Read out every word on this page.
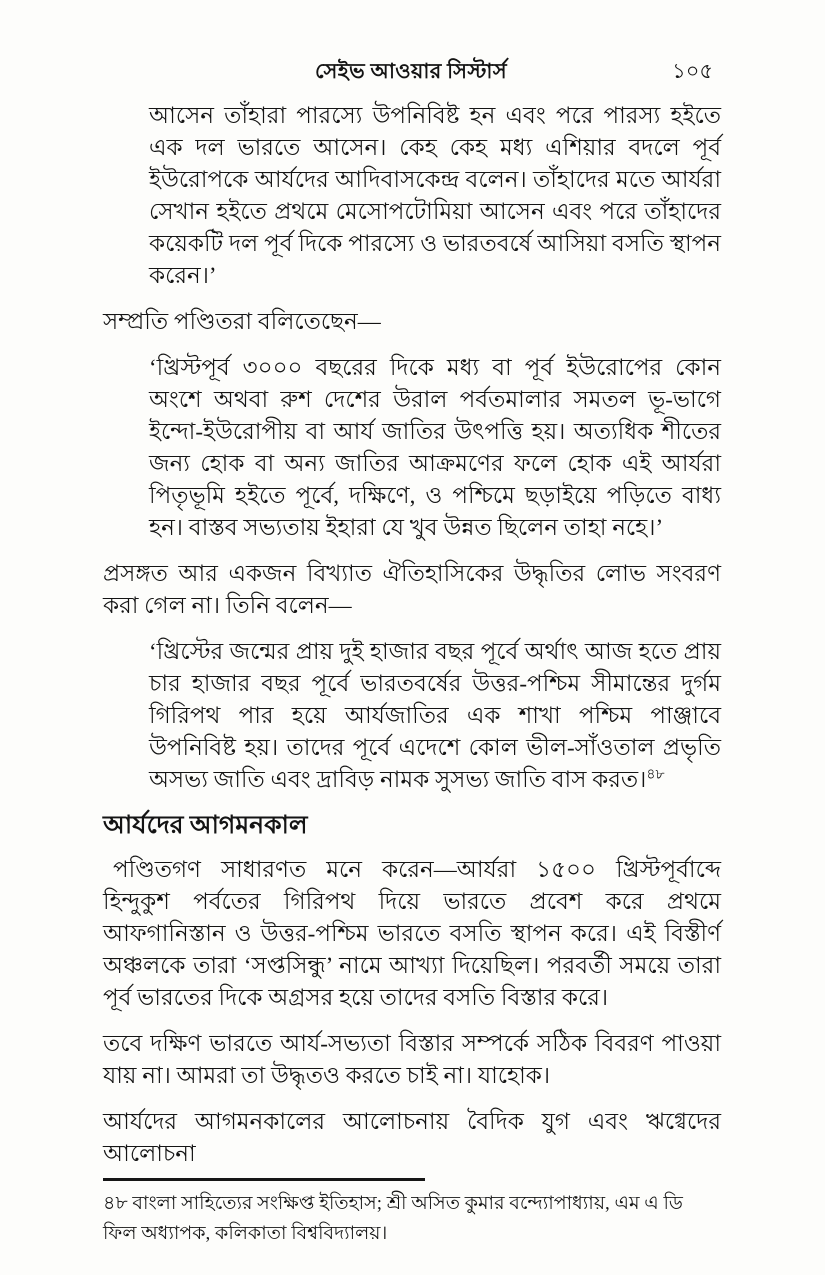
সেইভ আওয়ার সিস্টার্স	১০৫
আসেন তাঁহারা পারস্যে উপনিবিষ্ট হন এবং পরে পারস্য হইতে এক দল ভারতে আসেন। কেহ কেহ মধ্য এশিয়ার বদলে পূর্ব ইউরোপকে আর্যদের আদিবাসকেন্দ্র বলেন। তাঁহাদের মতে আর্যরা সেখান হইতে প্রথমে মেসোপটোমিয়া আসেন এবং পরে তাঁহাদের কয়েকটি দল পূর্ব দিকে পারস্যে ও ভারতবর্ষে আসিয়া বসতি স্থাপন করেন।’

সম্প্রতি পণ্ডিতরা বলিতেছেন—

‘খ্রিস্টপূর্ব ৩০০০ বছরের দিকে মধ্য বা পূর্ব ইউরোপের কোন অংশে অথবা রুশ দেশের উরাল পর্বতমালার সমতল ভূ-ভাগে ইন্দো-ইউরোপীয় বা আর্য জাতির উৎপত্তি হয়। অত্যধিক শীতের জন্য হোক বা অন্য জাতির আক্রমণের ফলে হোক এই আর্যরা পিতৃভূমি হইতে পূর্বে, দক্ষিণে, ও পশ্চিমে ছড়াইয়ে পড়িতে বাধ্য হন। বাস্তব সভ্যতায় ইহারা যে খুব উন্নত ছিলেন তাহা নহে।’

প্রসঙ্গত আর একজন বিখ্যাত ঐতিহাসিকের উদ্ধৃতির লোভ সংবরণ করা গেল না। তিনি বলেন—

‘খ্রিস্টের জন্মের প্রায় দুই হাজার বছর পূর্বে অর্থাৎ আজ হতে প্রায় চার হাজার বছর পূর্বে ভারতবর্ষের উত্তর-পশ্চিম সীমান্তের দুর্গম গিরিপথ পার হয়ে আর্যজাতির এক শাখা পশ্চিম পাঞ্জাবে উপনিবিষ্ট হয়। তাদের পূর্বে এদেশে কোল ভীল-সাঁওতাল প্রভৃতি অসভ্য জাতি এবং দ্রাবিড় নামক সুসভ্য জাতি বাস করত।$^{৪৮}$
আর্যদের আগমনকাল

পণ্ডিতগণ সাধারণত মনে করেন—আর্যরা ১৫০০ খ্রিস্টপূর্বাব্দে হিন্দুকুশ পর্বতের গিরিপথ দিয়ে ভারতে প্রবেশ করে প্রথমে আফগানিস্তান ও উত্তর-পশ্চিম ভারতে বসতি স্থাপন করে। এই বিস্তীর্ণ অঞ্চলকে তারা ‘সপ্তসিন্ধু’ নামে আখ্যা দিয়েছিল। পরবর্তী সময়ে তারা পূর্ব ভারতের দিকে অগ্রসর হয়ে তাদের বসতি বিস্তার করে।

তবে দক্ষিণ ভারতে আর্য-সভ্যতা বিস্তার সম্পর্কে সঠিক বিবরণ পাওয়া যায় না। আমরা তা উদ্ধৃতও করতে চাই না। যাহোক।

আর্যদের আগমনকালের আলোচনায় বৈদিক যুগ এবং ঋগ্বেদের আলোচনা

৪৮ বাংলা সাহিত্যের সংক্ষিপ্ত ইতিহাস; শ্রী অসিত কুমার বন্দ্যোপাধ্যায়, এম এ ডি ফিল অধ্যাপক, কলিকাতা বিশ্ববিদ্যালয়।
